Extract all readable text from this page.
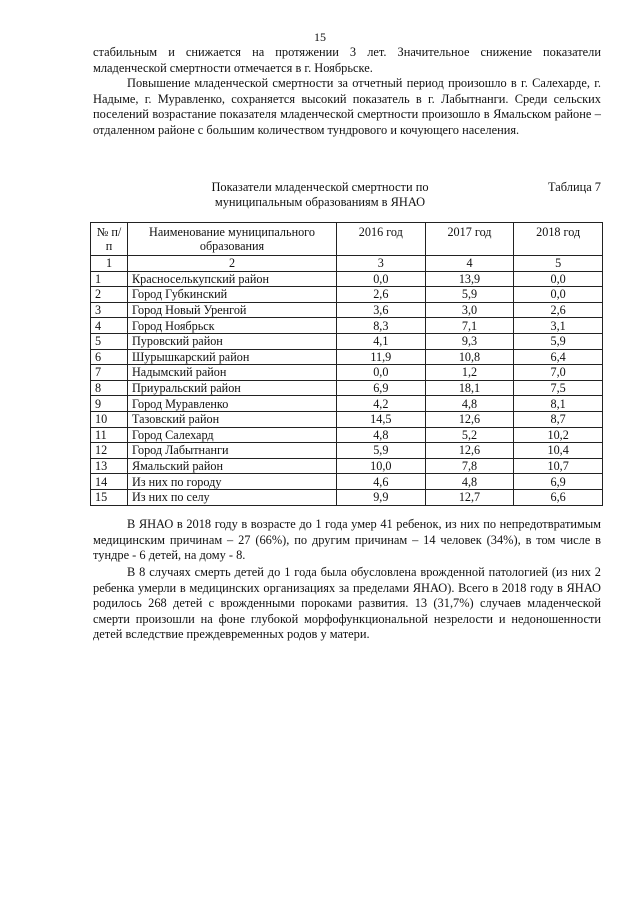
15

стабильным и снижается на протяжении 3 лет. Значительное снижение показатели младенческой смертности отмечается в г. Ноябрьске.

Повышение младенческой смертности за отчетный период произошло в г. Салехарде, г. Надыме, г. Муравленко, сохраняется высокий показатель в г. Лабытнанги. Среди сельских поселений возрастание показателя младенческой смертности произошло в Ямальском районе – отдаленном районе с большим количеством тундрового и кочующего населения.

Таблица 7
Показатели младенческой смертности по муниципальным образованиям в ЯНАО
№ п/п	Наименование муниципального образования	2016 год	2017 год	2018 год
1	2	3	4	5
1	Красноселькупский район	0,0	13,9	0,0
2	Город Губкинский	2,6	5,9	0,0
3	Город Новый Уренгой	3,6	3,0	2,6
4	Город Ноябрьск	8,3	7,1	3,1
5	Пуровский район	4,1	9,3	5,9
6	Шурышкарский район	11,9	10,8	6,4
7	Надымский район	0,0	1,2	7,0
8	Приуральский район	6,9	18,1	7,5
9	Город Муравленко	4,2	4,8	8,1
10	Тазовский район	14,5	12,6	8,7
11	Город Салехард	4,8	5,2	10,2
12	Город Лабытнанги	5,9	12,6	10,4
13	Ямальский район	10,0	7,8	10,7
14	Из них по городу	4,6	4,8	6,9
15	Из них по селу	9,9	12,7	6,6

В ЯНАО в 2018 году в возрасте до 1 года умер 41 ребенок, из них по непредотвратимым медицинским причинам – 27 (66%), по другим причинам – 14 человек (34%), в том числе в тундре - 6 детей, на дому - 8.

В 8 случаях смерть детей до 1 года была обусловлена врожденной патологией (из них 2 ребенка умерли в медицинских организациях за пределами ЯНАО). Всего в 2018 году в ЯНАО родилось 268 детей с врожденными пороками развития. 13 (31,7%) случаев младенческой смерти произошли на фоне глубокой морфофункциональной незрелости и недоношенности детей вследствие преждевременных родов у матери.
